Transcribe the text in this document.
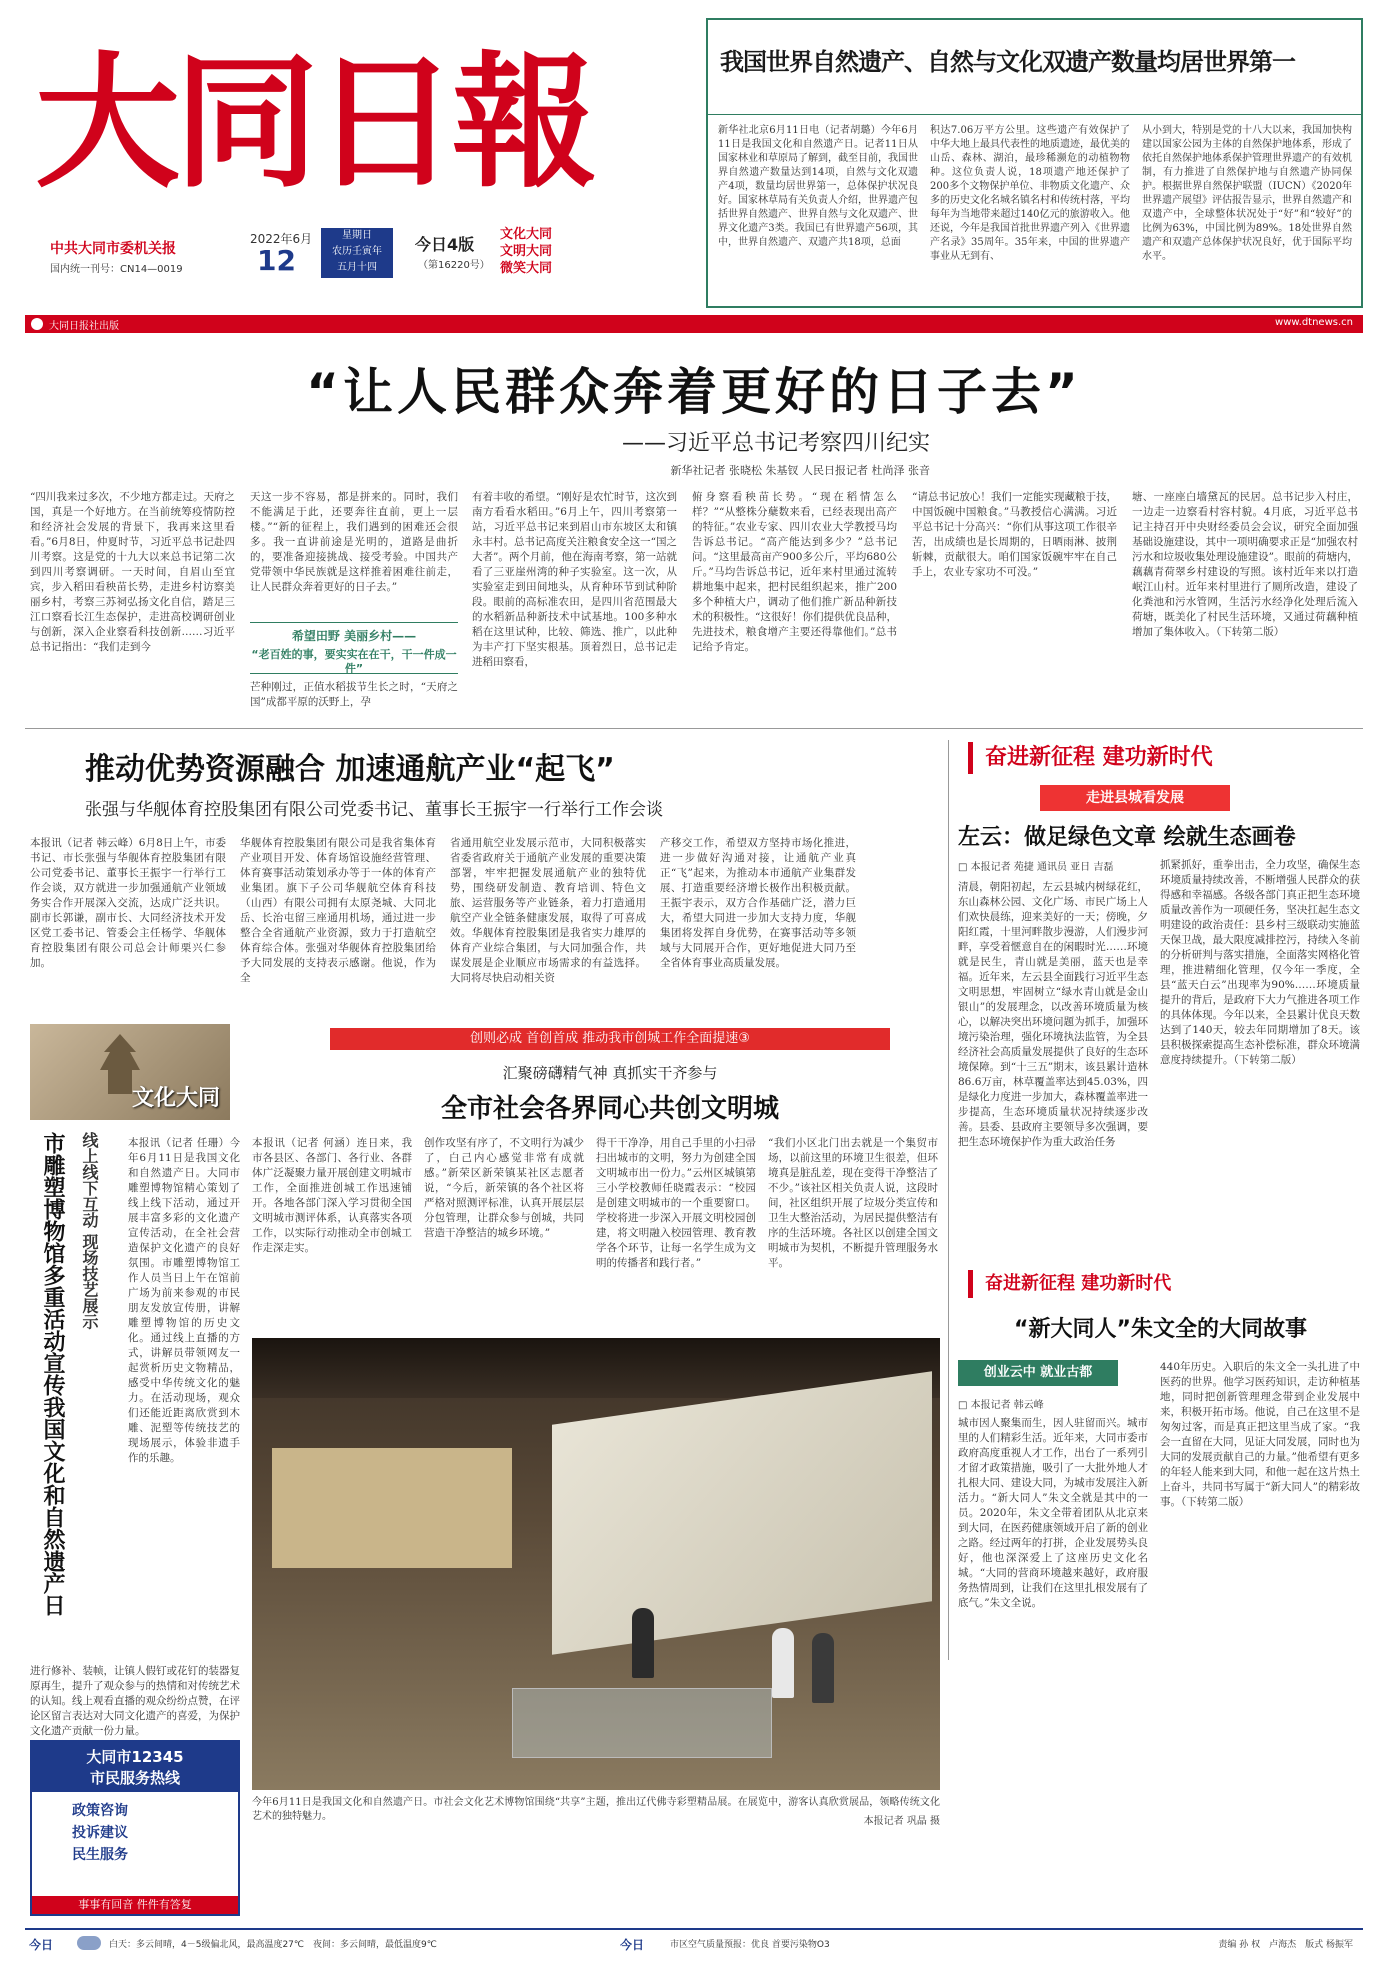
大同日報
中共大同市委机关报
国内统一刊号：CN14—0019
2022年6月
12
星期日
农历壬寅年
五月十四
今日4版
（第16220号）
文化大同
文明大同
微笑大同
大同日报社出版	www.dtnews.cn
我国世界自然遗产、自然与文化双遗产数量均居世界第一
新华社北京6月11日电（记者胡璐）今年6月11日是我国文化和自然遗产日。记者11日从国家林业和草原局了解到，截至目前，我国世界自然遗产数量达到14项，自然与文化双遗产4项，数量均居世界第一，总体保护状况良好。国家林草局有关负责人介绍，世界遗产包括世界自然遗产、世界自然与文化双遗产、世界文化遗产3类。我国已有世界遗产56项，其中，世界自然遗产、双遗产共18项，总面
积达7.06万平方公里。这些遗产有效保护了中华大地上最具代表性的地质遗迹，最优美的山岳、森林、湖泊，最珍稀濒危的动植物物种。这位负责人说，18项遗产地还保护了200多个文物保护单位、非物质文化遗产、众多的历史文化名城名镇名村和传统村落，平均每年为当地带来超过140亿元的旅游收入。他还说，今年是我国首批世界遗产列入《世界遗产名录》35周年。35年来，中国的世界遗产事业从无到有、
从小到大，特别是党的十八大以来，我国加快构建以国家公园为主体的自然保护地体系，形成了依托自然保护地体系保护管理世界遗产的有效机制，有力推进了自然保护地与自然遗产协同保护。根据世界自然保护联盟（IUCN）《2020年世界遗产展望》评估报告显示，世界自然遗产和双遗产中，全球整体状况处于“好”和“较好”的比例为63%，中国比例为89%。18处世界自然遗产和双遗产总体保护状况良好，优于国际平均水平。
“让人民群众奔着更好的日子去”
——习近平总书记考察四川纪实
新华社记者 张晓松 朱基钗 人民日报记者 杜尚泽 张音
“四川我来过多次，不少地方都走过。天府之国，真是一个好地方。在当前统筹疫情防控和经济社会发展的背景下，我再来这里看看。”6月8日，仲夏时节，习近平总书记赴四川考察。这是党的十九大以来总书记第二次到四川考察调研。一天时间，自眉山至宜宾，步入稻田看秧苗长势，走进乡村访察美丽乡村，考察三苏祠弘扬文化自信，踏足三江口察看长江生态保护，走进高校调研创业与创新，深入企业察看科技创新……习近平总书记指出：“我们走到今
天这一步不容易，都是拼来的。同时，我们不能满足于此，还要奔往直前，更上一层楼。”“新的征程上，我们遇到的困难还会很多。我一直讲前途是光明的，道路是曲折的，要准备迎接挑战、接受考验。中国共产党带领中华民族就是这样推着困难往前走，让人民群众奔着更好的日子去。”
希望田野 美丽乡村——
“老百姓的事，要实实在在干，干一件成一件”
芒种刚过，正值水稻拔节生长之时，“天府之国”成都平原的沃野上，孕
有着丰收的希望。“刚好是农忙时节，这次到南方看看水稻田。”6月上午，四川考察第一站，习近平总书记来到眉山市东坡区太和镇永丰村。总书记高度关注粮食安全这一“国之大者”。两个月前，他在海南考察，第一站就看了三亚崖州湾的种子实验室。这一次，从实验室走到田间地头，从育种环节到试种阶段。眼前的高标准农田，是四川省范围最大的水稻新品种新技术中试基地。100多种水稻在这里试种，比较、筛选、推广，以此种为丰产打下坚实根基。顶着烈日，总书记走进稻田察看，
俯身察看秧苗长势。“现在稻情怎么样？”“从整株分蘖数来看，已经表现出高产的特征。”农业专家、四川农业大学教授马均告诉总书记。“高产能达到多少？”总书记问。“这里最高亩产900多公斤，平均680公斤。”马均告诉总书记，近年来村里通过流转耕地集中起来，把村民组织起来，推广200多个种植大户，调动了他们推广新品种新技术的积极性。“这很好！你们提供优良品种，先进技术，粮食增产主要还得靠他们。”总书记给予肯定。
“请总书记放心！我们一定能实现藏粮于技，中国饭碗中国粮食。”马教授信心满满。习近平总书记十分高兴：“你们从事这项工作很辛苦，出成绩也是长周期的，日晒雨淋、披荆斩棘，贡献很大。咱们国家饭碗牢牢在自己手上，农业专家功不可没。”
塘、一座座白墙黛瓦的民居。总书记步入村庄，一边走一边察看村容村貌。4月底，习近平总书记主持召开中央财经委员会会议，研究全面加强基础设施建设，其中一项明确要求正是“加强农村污水和垃圾收集处理设施建设”。眼前的荷塘内，藕藕青荷翠乡村建设的写照。该村近年来以打造岷江山村。近年来村里进行了厕所改造，建设了化粪池和污水管网，生活污水经净化处理后流入荷塘，既美化了村民生活环境，又通过荷藕种植增加了集体收入。（下转第二版）
推动优势资源融合 加速通航产业“起飞”
张强与华舰体育控股集团有限公司党委书记、董事长王振宇一行举行工作会谈
本报讯（记者 韩云峰）6月8日上午，市委书记、市长张强与华舰体育控股集团有限公司党委书记、董事长王振宇一行举行工作会谈，双方就进一步加强通航产业领域务实合作开展深入交流，达成广泛共识。副市长郭谦，副市长、大同经济技术开发区党工委书记、管委会主任杨学、华舰体育控股集团有限公司总会计师栗兴仁参加。
华舰体育控股集团有限公司是我省集体育产业项目开发、体育场馆设施经营管理、体育赛事活动策划承办等于一体的体育产业集团。旗下子公司华舰航空体育科技（山西）有限公司拥有太原尧城、大同北岳、长治屯留三座通用机场，通过进一步整合全省通航产业资源，致力于打造航空体育综合体。张强对华舰体育控股集团给予大同发展的支持表示感谢。他说，作为全
省通用航空业发展示范市，大同积极落实省委省政府关于通航产业发展的重要决策部署，牢牢把握发展通航产业的独特优势，围绕研发制造、教育培训、特色文旅、运营服务等产业链条，着力打造通用航空产业全链条健康发展，取得了可喜成效。华舰体育控股集团是我省实力雄厚的体育产业综合集团，与大同加强合作，共谋发展是企业顺应市场需求的有益选择。大同将尽快启动相关资
产移交工作，希望双方坚持市场化推进，进一步做好沟通对接，让通航产业真正“飞”起来，为推动本市通航产业集群发展、打造重要经济增长极作出积极贡献。王振宇表示，双方合作基础广泛，潜力巨大，希望大同进一步加大支持力度，华舰集团将发挥自身优势，在赛事活动等多领域与大同展开合作，更好地促进大同乃至全省体育事业高质量发展。
奋进新征程 建功新时代
走进县城看发展
左云：做足绿色文章 绘就生态画卷
□ 本报记者 苑捷 通讯员 亚日 吉磊
清晨，朝阳初起，左云县城内树绿花红，东山森林公园、文化广场、市民广场上人们欢快晨练，迎来美好的一天；傍晚，夕阳红霞，十里河畔散步漫游，人们漫步河畔，享受着惬意自在的闲暇时光……环境就是民生，青山就是美丽，蓝天也是幸福。近年来，左云县全面践行习近平生态文明思想，牢固树立“绿水青山就是金山银山”的发展理念，以改善环境质量为核心，以解决突出环境问题为抓手，加强环境污染治理，强化环境执法监管，为全县经济社会高质量发展提供了良好的生态环境保障。到“十三五”期末，该县累计造林86.6万亩，林草覆盖率达到45.03%，四是绿化力度进一步加大，森林覆盖率进一步提高，生态环境质量状况持续逐步改善。县委、县政府主要领导多次强调，要把生态环境保护作为重大政治任务
抓紧抓好，重拳出击，全力攻坚，确保生态环境质量持续改善，不断增强人民群众的获得感和幸福感。各级各部门真正把生态环境质量改善作为一项硬任务，坚决扛起生态文明建设的政治责任：县乡村三级联动实施蓝天保卫战，最大限度减排控污，持续入冬前的分析研判与落实措施，全面落实网格化管理，推进精细化管理，仅今年一季度，全县“蓝天白云”出现率为90%……环境质量提升的背后，是政府下大力气推进各项工作的具体体现。今年以来，全县累计优良天数达到了140天，较去年同期增加了8天。该县积极探索提高生态补偿标准，群众环境满意度持续提升。（下转第二版）
创则必成 首创首成 推动我市创城工作全面提速③
汇聚磅礴精气神 真抓实干齐参与
全市社会各界同心共创文明城
本报讯（记者 何涵）连日来，我市各县区、各部门、各行业、各群体广泛凝聚力量开展创建文明城市工作，全面推进创城工作迅速铺开。各地各部门深入学习贯彻全国文明城市测评体系，认真落实各项工作，以实际行动推动全市创城工作走深走实。
创作攻坚有序了，不文明行为减少了，白己内心感觉非常有成就感。”新荣区新荣镇某社区志愿者说，“今后，新荣镇的各个社区将严格对照测评标准，认真开展层层分包管理，让群众参与创城，共同营造干净整洁的城乡环境。”
得干干净净，用自己手里的小扫帚扫出城市的文明，努力为创建全国文明城市出一份力。”云州区城镇第三小学校教师任晓霞表示：“校园是创建文明城市的一个重要窗口。学校将进一步深入开展文明校园创建，将文明融入校园管理、教育教学各个环节，让每一名学生成为文明的传播者和践行者。”
“我们小区北门出去就是一个集贸市场，以前这里的环境卫生很差，但环境真是脏乱差，现在变得干净整洁了不少。”该社区相关负责人说，这段时间，社区组织开展了垃圾分类宣传和卫生大整治活动，为居民提供整洁有序的生活环境。各社区以创建全国文明城市为契机，不断提升管理服务水平。
文化大同
市雕塑博物馆多重活动宣传我国文化和自然遗产日 线上线下互动 现场技艺展示	本报讯（记者 任珊）今年6月11日是我国文化和自然遗产日。大同市雕塑博物馆精心策划了线上线下活动，通过开展丰富多彩的文化遗产宣传活动，在全社会营造保护文化遗产的良好氛围。市雕塑博物馆工作人员当日上午在馆前广场为前来参观的市民朋友发放宣传册，讲解雕塑博物馆的历史文化。通过线上直播的方式，讲解员带领网友一起赏析历史文物精品，感受中华传统文化的魅力。在活动现场，观众们还能近距离欣赏到木雕、泥塑等传统技艺的现场展示，体验非遗手作的乐趣。
进行修补、装帧，让镇人假钉或花钉的装器复原再生，提升了观众参与的热情和对传统艺术的认知。线上观看直播的观众纷纷点赞，在评论区留言表达对大同文化遗产的喜爱，为保护文化遗产贡献一份力量。
大同市12345
市民服务热线
政策咨询
投诉建议
民生服务
事事有回音 件件有答复
今年6月11日是我国文化和自然遗产日。市社会文化艺术博物馆围绕“共享”主题，推出辽代佛寺彩塑精品展。在展览中，游客认真欣赏展品，领略传统文化艺术的独特魅力。	本报记者 巩晶 摄
奋进新征程 建功新时代
“新大同人”朱文全的大同故事
创业云中 就业古都
□ 本报记者 韩云峰
城市因人聚集而生，因人驻留而兴。城市里的人们精彩生活。近年来，大同市委市政府高度重视人才工作，出台了一系列引才留才政策措施，吸引了一大批外地人才扎根大同、建设大同，为城市发展注入新活力。“新大同人”朱文全就是其中的一员。2020年，朱文全带着团队从北京来到大同，在医药健康领域开启了新的创业之路。经过两年的打拼，企业发展势头良好，他也深深爱上了这座历史文化名城。“大同的营商环境越来越好，政府服务热情周到，让我们在这里扎根发展有了底气。”朱文全说。
440年历史。入职后的朱文全一头扎进了中医药的世界。他学习医药知识，走访种植基地，同时把创新管理理念带到企业发展中来，积极开拓市场。他说，自己在这里不是匆匆过客，而是真正把这里当成了家。“我会一直留在大同，见证大同发展，同时也为大同的发展贡献自己的力量。”他希望有更多的年轻人能来到大同，和他一起在这片热土上奋斗，共同书写属于“新大同人”的精彩故事。（下转第二版）
今日	白天：多云间晴，4－5级偏北风，最高温度27℃　夜间：多云间晴，最低温度9℃	今日	市区空气质量预报：优良 首要污染物O3	责编 孙 权　卢海杰　版式 杨振军
